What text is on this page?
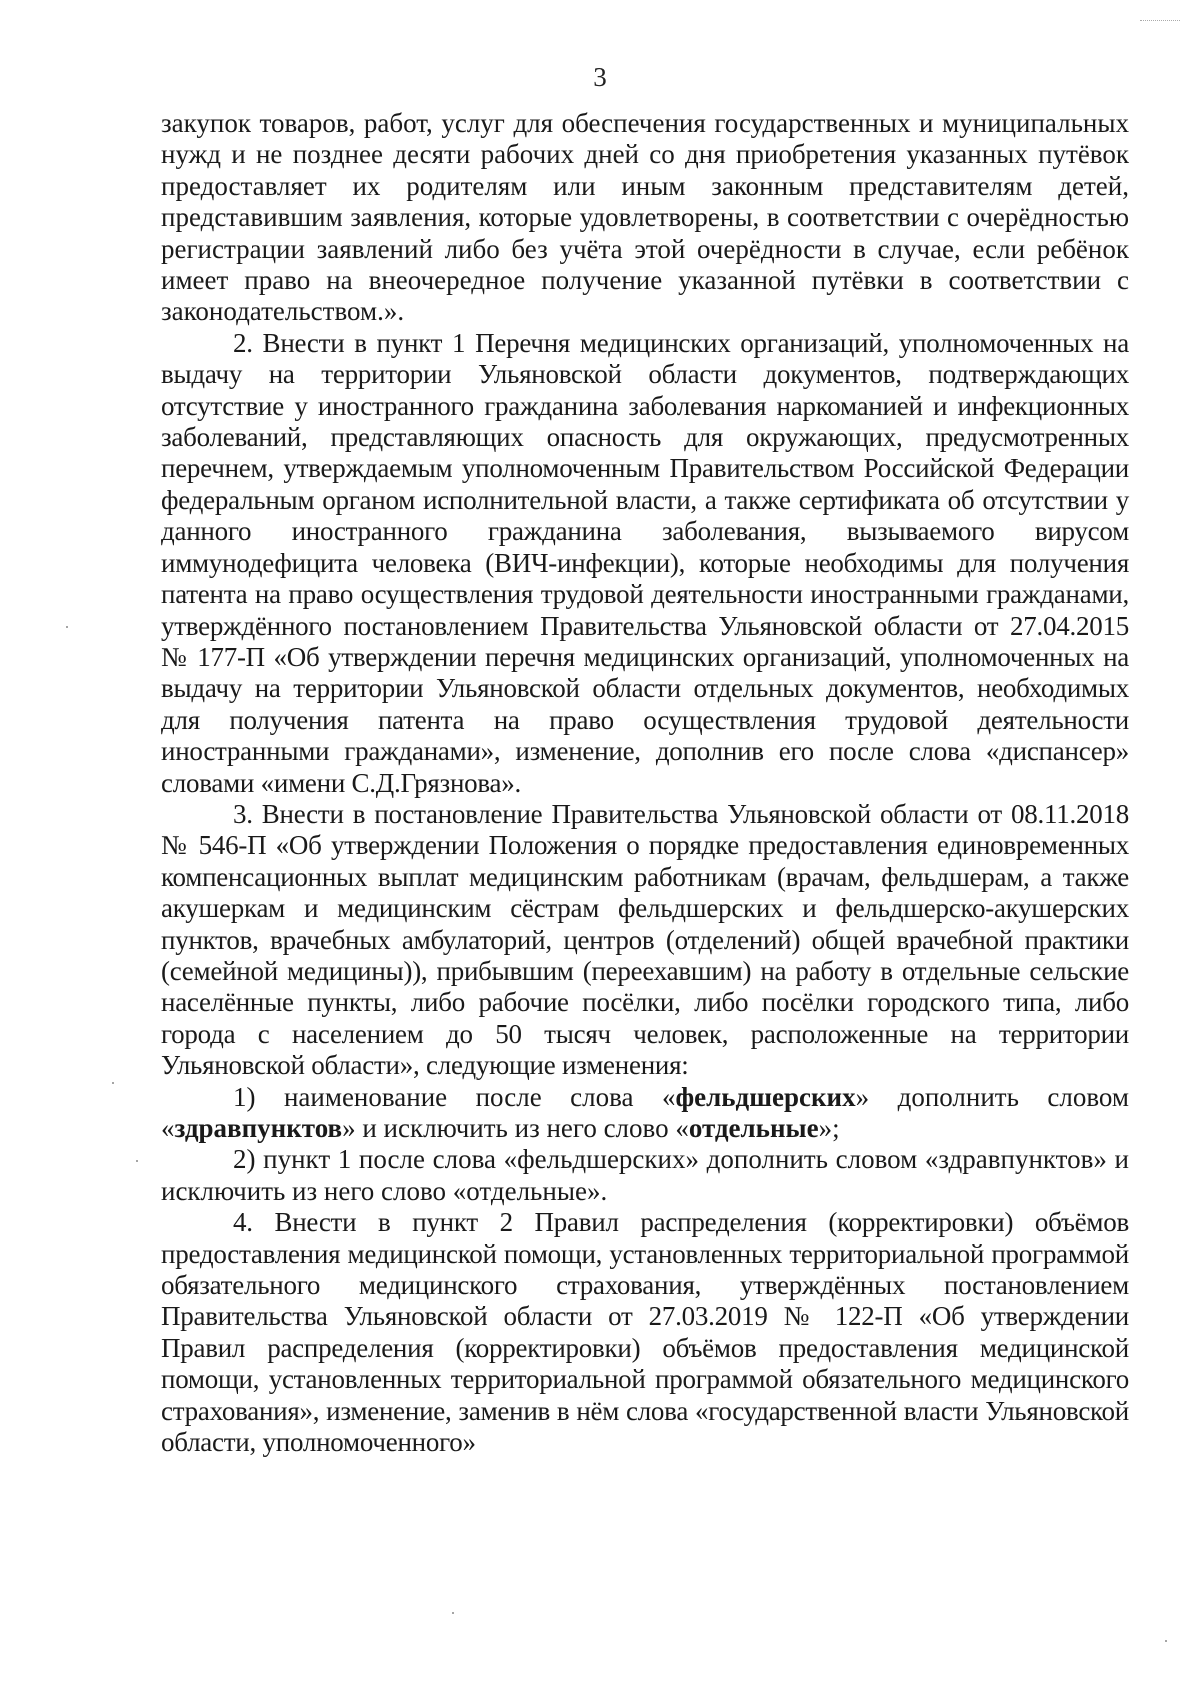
3

закупок товаров, работ, услуг для обеспечения государственных и муниципальных нужд и не позднее десяти рабочих дней со дня приобретения указанных путёвок предоставляет их родителям или иным законным представителям детей, представившим заявления, которые удовлетворены, в соответствии с очерёдностью регистрации заявлений либо без учёта этой очерёдности в случае, если ребёнок имеет право на внеочередное получение указанной путёвки в соответствии с законодательством.».

2. Внести в пункт 1 Перечня медицинских организаций, уполномоченных на выдачу на территории Ульяновской области документов, подтверждающих отсутствие у иностранного гражданина заболевания наркоманией и инфекционных заболеваний, представляющих опасность для окружающих, предусмотренных перечнем, утверждаемым уполномоченным Правительством Российской Федерации федеральным органом исполнительной власти, а также сертификата об отсутствии у данного иностранного гражданина заболевания, вызываемого вирусом иммунодефицита человека (ВИЧ-инфекции), которые необходимы для получения патента на право осуществления трудовой деятельности иностранными гражданами, утверждённого постановлением Правительства Ульяновской области от 27.04.2015 № 177-П «Об утверждении перечня медицинских организаций, уполномоченных на выдачу на территории Ульяновской области отдельных документов, необходимых для получения патента на право осуществления трудовой деятельности иностранными гражданами», изменение, дополнив его после слова «диспансер» словами «имени С.Д.Грязнова».

3. Внести в постановление Правительства Ульяновской области от 08.11.2018 № 546-П «Об утверждении Положения о порядке предоставления единовременных компенсационных выплат медицинским работникам (врачам, фельдшерам, а также акушеркам и медицинским сёстрам фельдшерских и фельдшерско-акушерских пунктов, врачебных амбулаторий, центров (отделений) общей врачебной практики (семейной медицины)), прибывшим (переехавшим) на работу в отдельные сельские населённые пункты, либо рабочие посёлки, либо посёлки городского типа, либо города с населением до 50 тысяч человек, расположенные на территории Ульяновской области», следующие изменения:

1) наименование после слова «фельдшерских» дополнить словом «здравпунктов» и исключить из него слово «отдельные»;

2) пункт 1 после слова «фельдшерских» дополнить словом «здравпунктов» и исключить из него слово «отдельные».

4. Внести в пункт 2 Правил распределения (корректировки) объёмов предоставления медицинской помощи, установленных территориальной программой обязательного медицинского страхования, утверждённых постановлением Правительства Ульяновской области от 27.03.2019 № 122-П «Об утверждении Правил распределения (корректировки) объёмов предоставления медицинской помощи, установленных территориальной программой обязательного медицинского страхования», изменение, заменив в нём слова «государственной власти Ульяновской области, уполномоченного»
